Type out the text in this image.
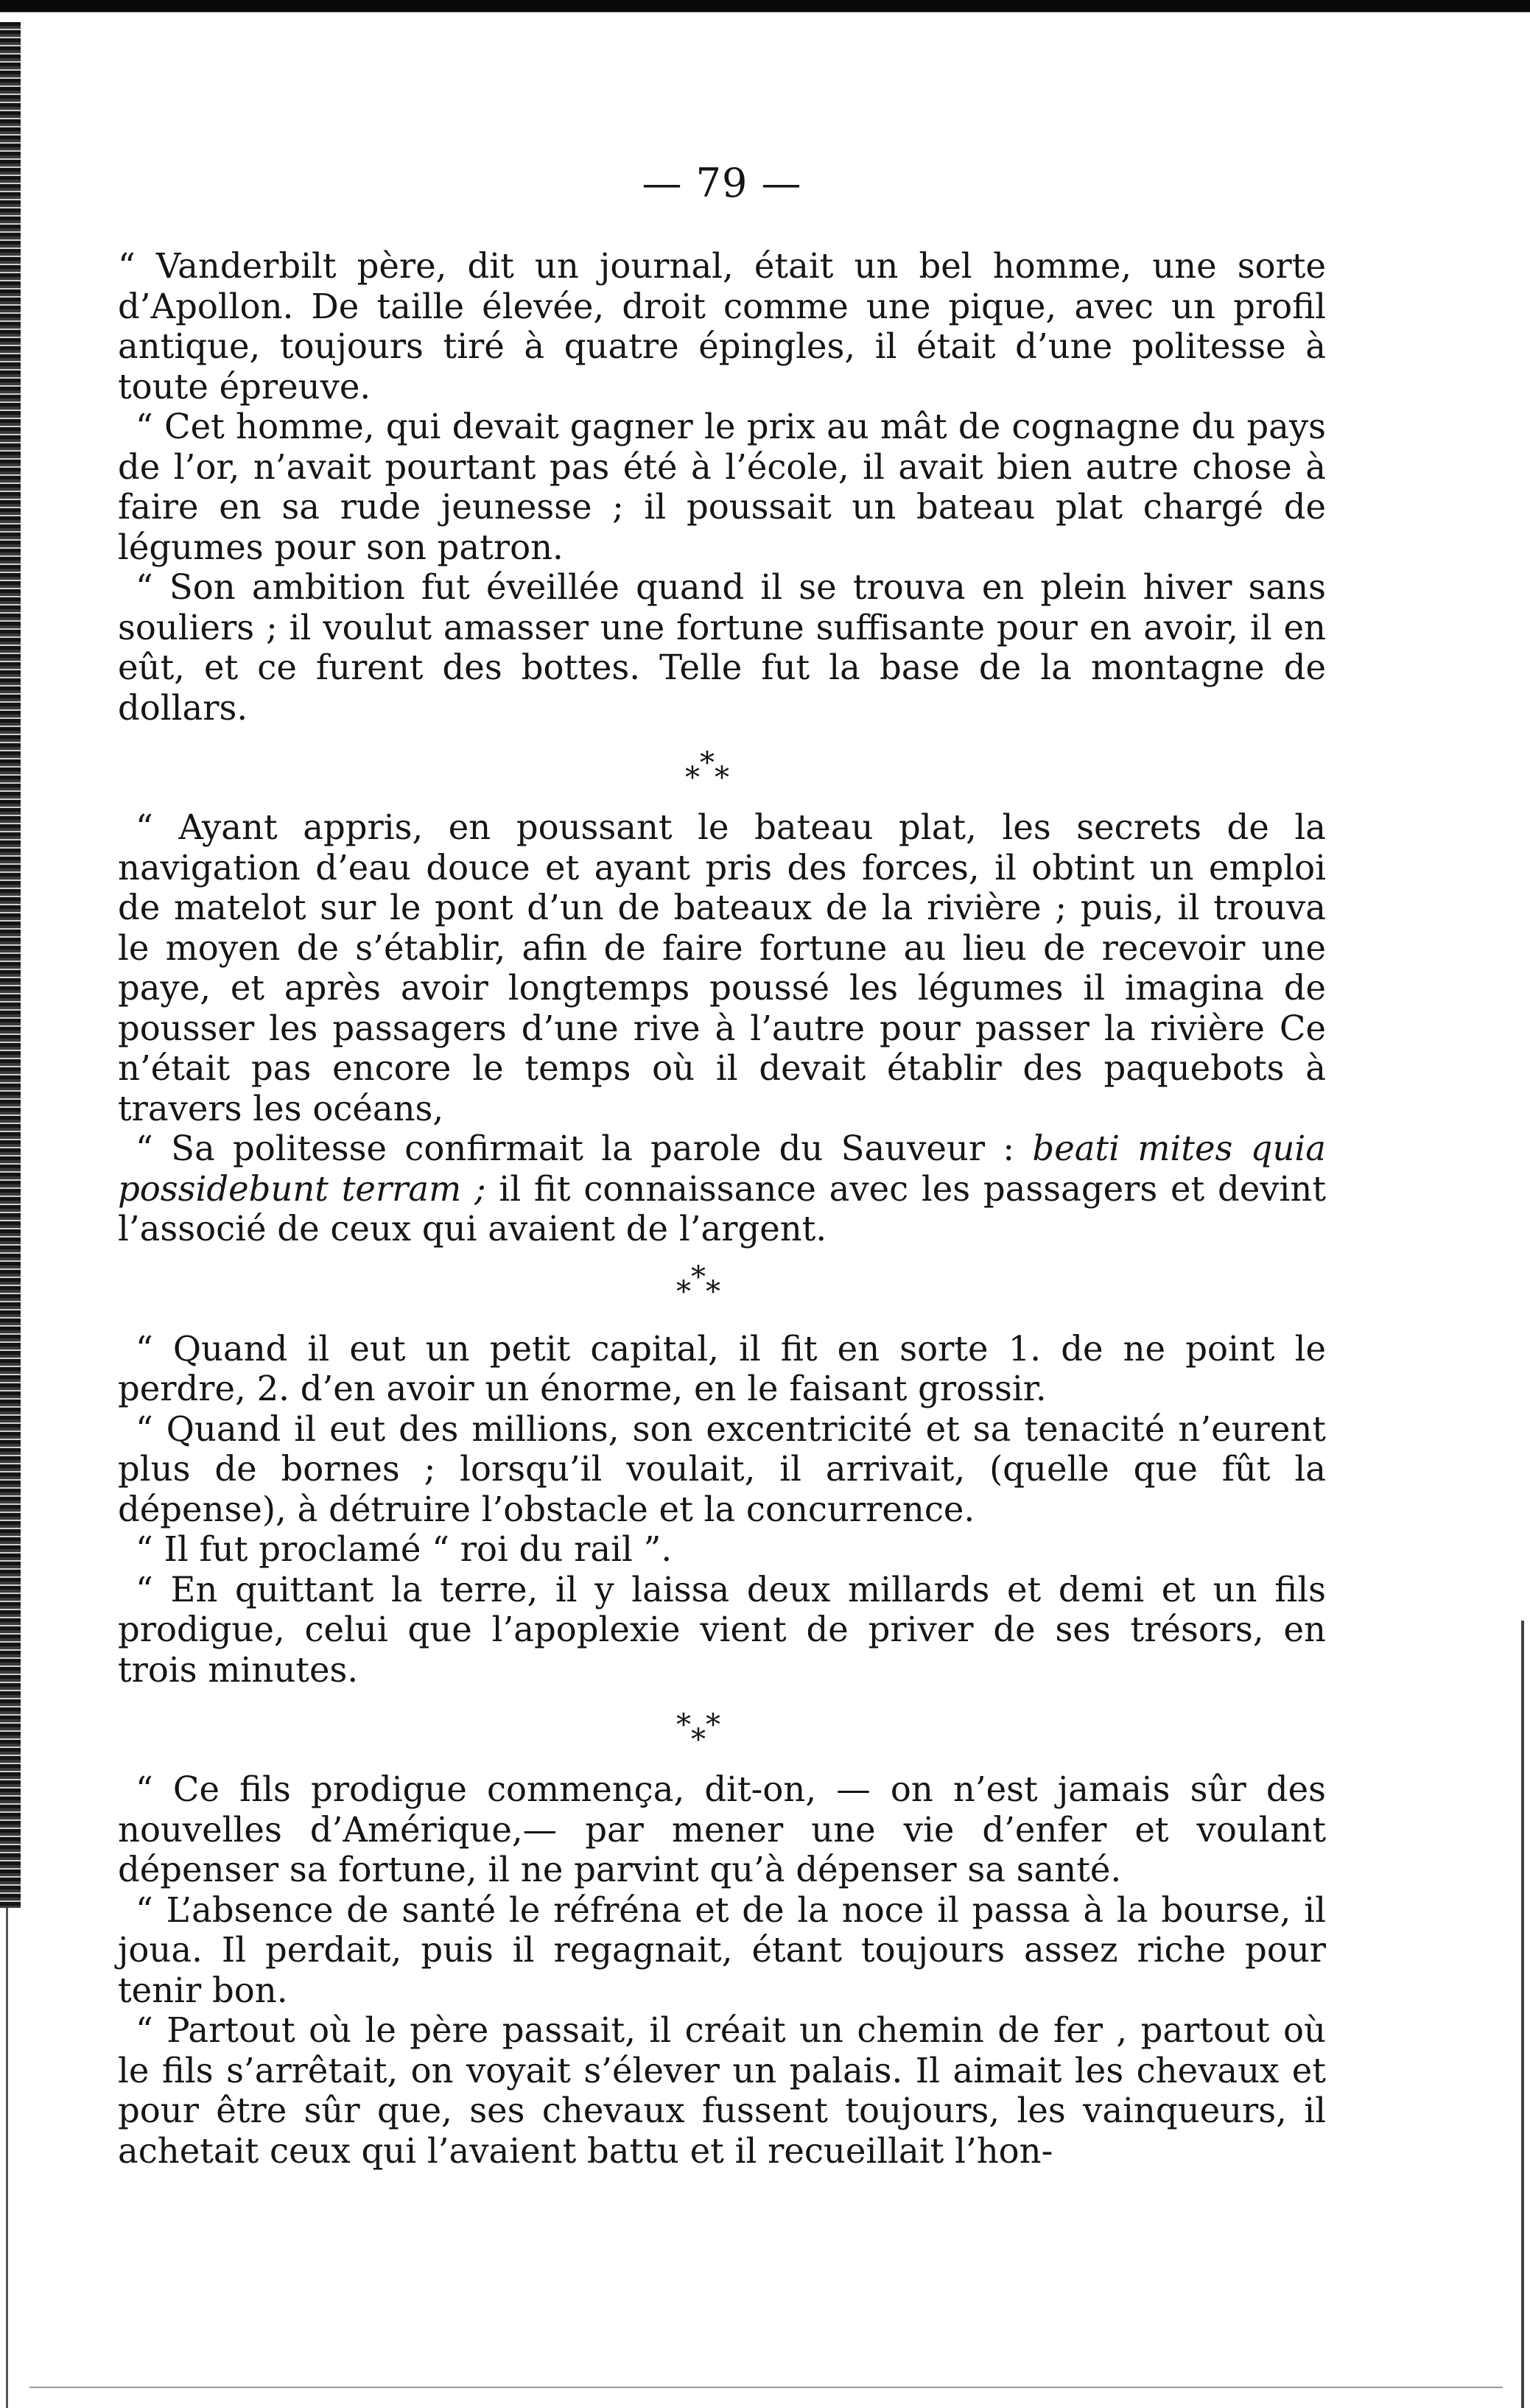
— 79 —

“ Vanderbilt père, dit un journal, était un bel homme, une sorte d’Apollon. De taille élevée, droit comme une pique, avec un profil antique, toujours tiré à quatre épingles, il était d’une politesse à toute épreuve.

“ Cet homme, qui devait gagner le prix au mât de cognagne du pays de l’or, n’avait pourtant pas été à l’école, il avait bien autre chose à faire en sa rude jeunesse ; il poussait un bateau plat chargé de légumes pour son patron.

“ Son ambition fut éveillée quand il se trouva en plein hiver sans souliers ; il voulut amasser une fortune suffisante pour en avoir, il en eût, et ce furent des bottes. Telle fut la base de la montagne de dollars.

* * *

“ Ayant appris, en poussant le bateau plat, les secrets de la navigation d’eau douce et ayant pris des forces, il obtint un emploi de matelot sur le pont d’un de bateaux de la rivière ; puis, il trouva le moyen de s’établir, afin de faire fortune au lieu de recevoir une paye, et après avoir longtemps poussé les légumes il imagina de pousser les passagers d’une rive à l’autre pour passer la rivière Ce n’était pas encore le temps où il devait établir des paquebots à travers les océans,

“ Sa politesse confirmait la parole du Sauveur : beati mites quia possidebunt terram ; il fit connaissance avec les passagers et devint l’associé de ceux qui avaient de l’argent.

* * *

“ Quand il eut un petit capital, il fit en sorte 1. de ne point le perdre, 2. d’en avoir un énorme, en le faisant grossir.

“ Quand il eut des millions, son excentricité et sa tenacité n’eurent plus de bornes ; lorsqu’il voulait, il arrivait, (quelle que fût la dépense), à détruire l’obstacle et la concurrence.

“ Il fut proclamé “ roi du rail ”.

“ En quittant la terre, il y laissa deux millards et demi et un fils prodigue, celui que l’apoplexie vient de priver de ses trésors, en trois minutes.

* * *

“ Ce fils prodigue commença, dit-on, — on n’est jamais sûr des nouvelles d’Amérique,— par mener une vie d’enfer et voulant dépenser sa fortune, il ne parvint qu’à dépenser sa santé.

“ L’absence de santé le réfréna et de la noce il passa à la bourse, il joua. Il perdait, puis il regagnait, étant toujours assez riche pour tenir bon.

“ Partout où le père passait, il créait un chemin de fer , partout où le fils s’arrêtait, on voyait s’élever un palais. Il aimait les chevaux et pour être sûr que, ses chevaux fussent toujours, les vainqueurs, il achetait ceux qui l’avaient battu et il recueillait l’hon-
